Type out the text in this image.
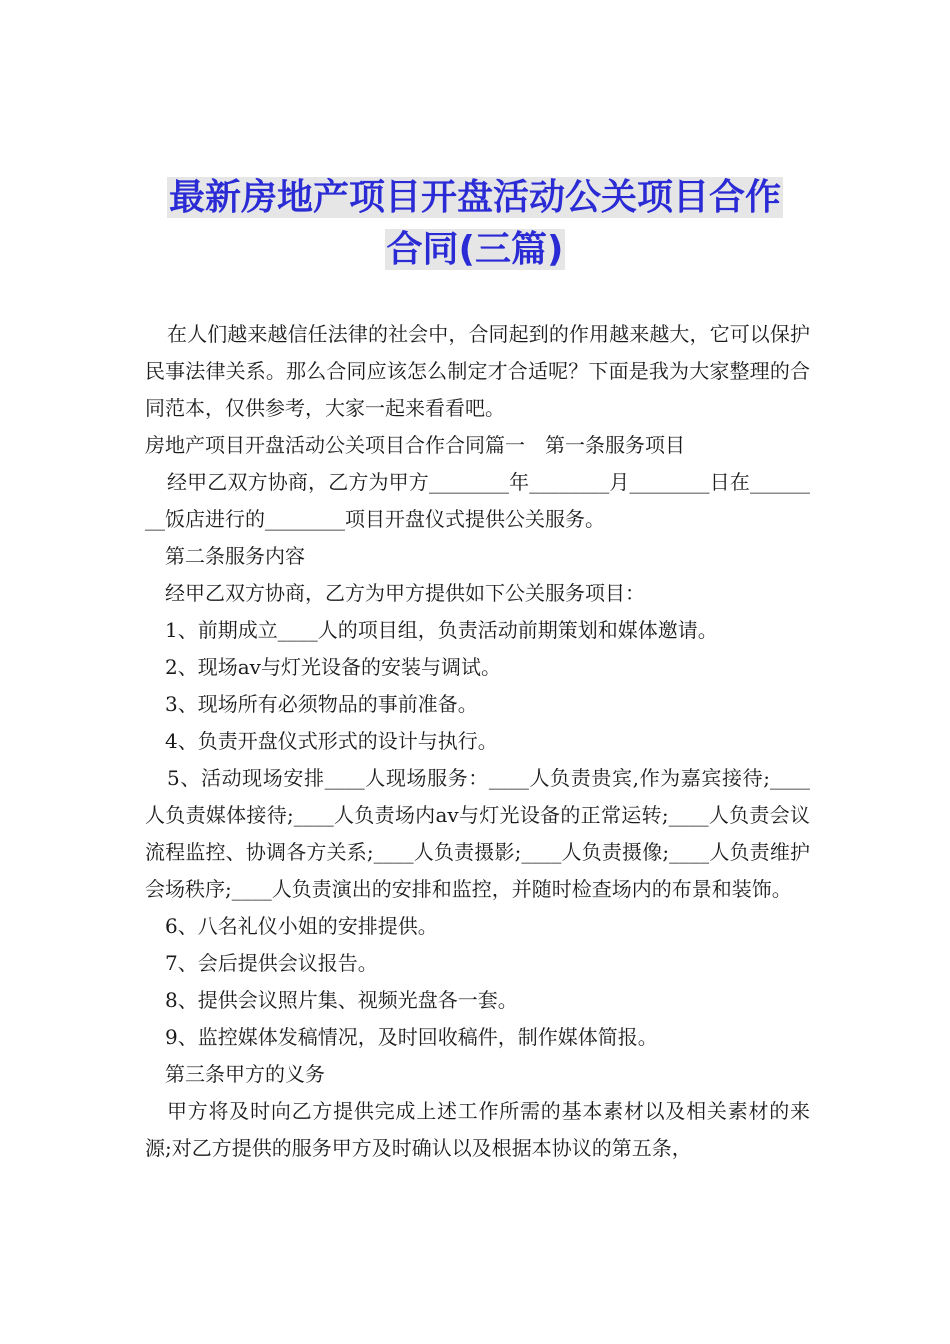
最新房地产项目开盘活动公关项目合作
合同(三篇)

在人们越来越信任法律的社会中，合同起到的作用越来越大，它可以保护民事法律关系。那么合同应该怎么制定才合适呢？下面是我为大家整理的合同范本，仅供参考，大家一起来看看吧。

房地产项目开盘活动公关项目合作合同篇一　第一条服务项目

经甲乙双方协商，乙方为甲方________年________月________日在________饭店进行的________项目开盘仪式提供公关服务。

第二条服务内容

经甲乙双方协商，乙方为甲方提供如下公关服务项目：

1、前期成立____人的项目组，负责活动前期策划和媒体邀请。

2、现场av与灯光设备的安装与调试。

3、现场所有必须物品的事前准备。

4、负责开盘仪式形式的设计与执行。

5、活动现场安排____人现场服务：____人负责贵宾,作为嘉宾接待;____人负责媒体接待;____人负责场内av与灯光设备的正常运转;____人负责会议流程监控、协调各方关系;____人负责摄影;____人负责摄像;____人负责维护会场秩序;____人负责演出的安排和监控，并随时检查场内的布景和装饰。

6、八名礼仪小姐的安排提供。

7、会后提供会议报告。

8、提供会议照片集、视频光盘各一套。

9、监控媒体发稿情况，及时回收稿件，制作媒体简报。

第三条甲方的义务

甲方将及时向乙方提供完成上述工作所需的基本素材以及相关素材的来源;对乙方提供的服务甲方及时确认以及根据本协议的第五条，
